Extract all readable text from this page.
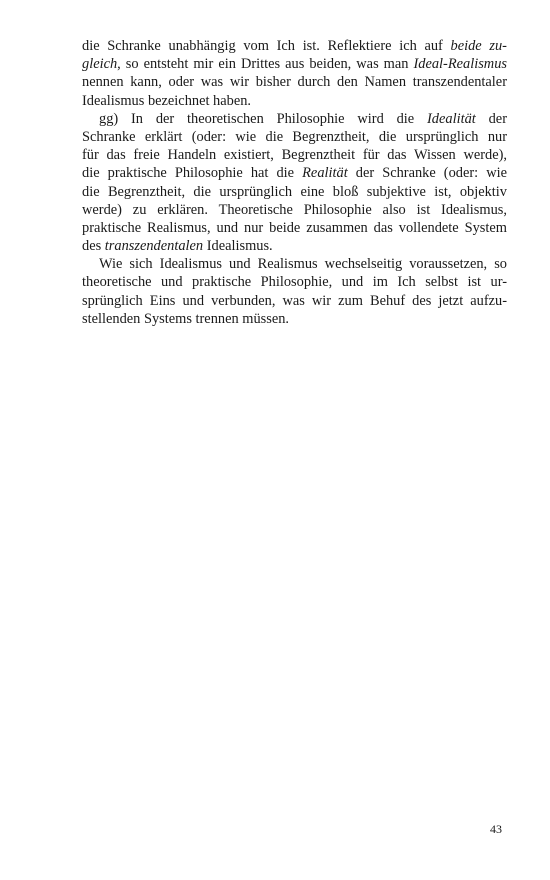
die Schranke unabhängig vom Ich ist. Reflektiere ich auf beide zu-
gleich, so entsteht mir ein Drittes aus beiden, was man Ideal-Realismus
nennen kann, oder was wir bisher durch den Namen transzendentaler
Idealismus bezeichnet haben.
gg) In der theoretischen Philosophie wird die Idealität der
Schranke erklärt (oder: wie die Begrenztheit, die ursprünglich nur
für das freie Handeln existiert, Begrenztheit für das Wissen werde),
die praktische Philosophie hat die Realität der Schranke (oder: wie
die Begrenztheit, die ursprünglich eine bloß subjektive ist, objektiv
werde) zu erklären. Theoretische Philosophie also ist Idealismus,
praktische Realismus, und nur beide zusammen das vollendete System
des transzendentalen Idealismus.
Wie sich Idealismus und Realismus wechselseitig voraussetzen, so
theoretische und praktische Philosophie, und im Ich selbst ist ur-
sprünglich Eins und verbunden, was wir zum Behuf des jetzt aufzu-
stellenden Systems trennen müssen.
43
